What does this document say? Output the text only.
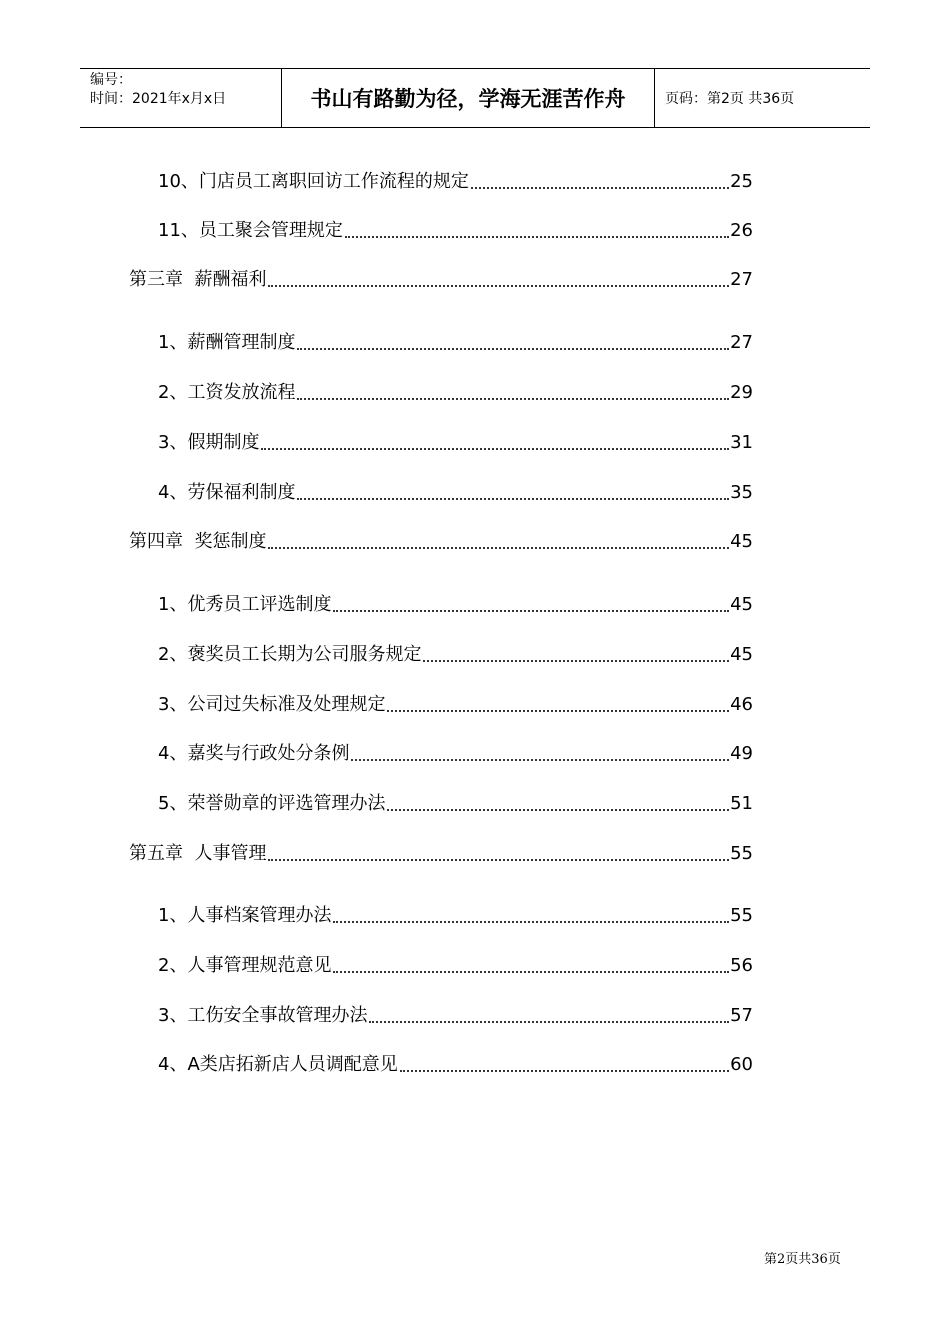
编号：
时间：2021年x月x日	书山有路勤为径，学海无涯苦作舟	页码：第2页 共36页
10、门店员工离职回访工作流程的规定	25
11、员工聚会管理规定	26
第三章  薪酬福利	27
1、薪酬管理制度	27
2、工资发放流程	29
3、假期制度	31
4、劳保福利制度	35
第四章  奖惩制度	45
1、优秀员工评选制度	45
2、褒奖员工长期为公司服务规定	45
3、公司过失标准及处理规定	46
4、嘉奖与行政处分条例	49
5、荣誉勋章的评选管理办法	51
第五章  人事管理	55
1、人事档案管理办法	55
2、人事管理规范意见	56
3、工伤安全事故管理办法	57
4、A类店拓新店人员调配意见	60
第2页共36页
